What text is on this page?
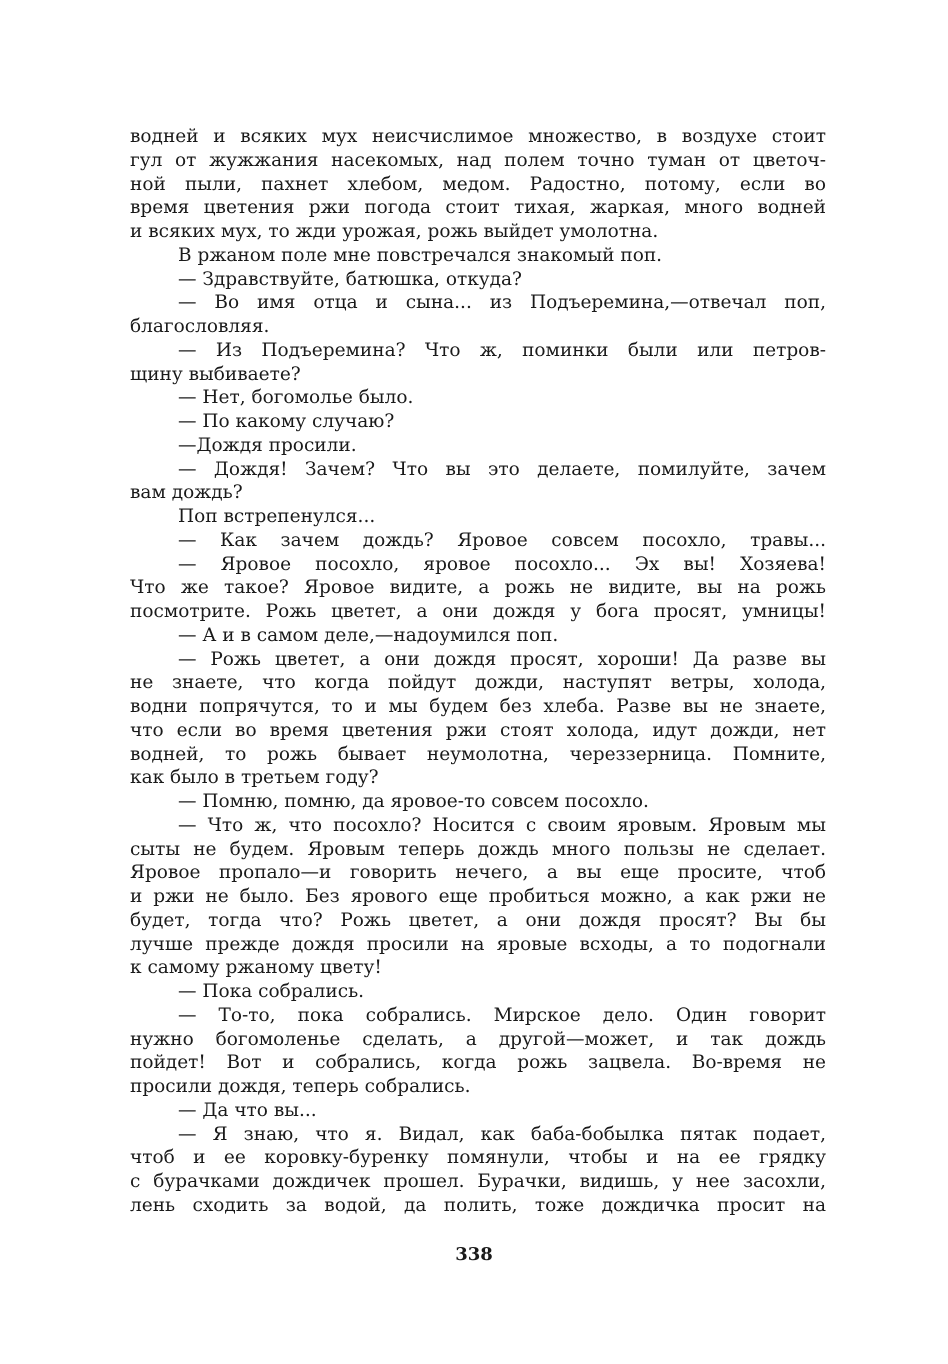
водней и всяких мух неисчислимое множество, в воздухе стоит
гул от жужжания насекомых, над полем точно туман от цветоч-
ной пыли, пахнет хлебом, медом. Радостно, потому, если во
время цветения ржи погода стоит тихая, жаркая, много водней
и всяких мух, то жди урожая, рожь выйдет умолотна.
В ржаном поле мне повстречался знакомый поп.
— Здравствуйте, батюшка, откуда?
— Во имя отца и сына... из Подъеремина,—отвечал поп,
благословляя.
— Из Подъеремина? Что ж, поминки были или петров-
щину выбиваете?
— Нет, богомолье было.
— По какому случаю?
—Дождя просили.
— Дождя! Зачем? Что вы это делаете, помилуйте, зачем
вам дождь?
Поп встрепенулся...
— Как зачем дождь? Яровое совсем посохло, травы...
— Яровое посохло, яровое посохло... Эх вы! Хозяева!
Что же такое? Яровое видите, а рожь не видите, вы на рожь
посмотрите. Рожь цветет, а они дождя у бога просят, умницы!
— А и в самом деле,—надоумился поп.
— Рожь цветет, а они дождя просят, хороши! Да разве вы
не знаете, что когда пойдут дожди, наступят ветры, холода,
водни попрячутся, то и мы будем без хлеба. Разве вы не знаете,
что если во время цветения ржи стоят холода, идут дожди, нет
водней, то рожь бывает неумолотна, череззерница. Помните,
как было в третьем году?
— Помню, помню, да яровое-то совсем посохло.
— Что ж, что посохло? Носится с своим яровым. Яровым мы
сыты не будем. Яровым теперь дождь много пользы не сделает.
Яровое пропало—и говорить нечего, а вы еще просите, чтоб
и ржи не было. Без ярового еще пробиться можно, а как ржи не
будет, тогда что? Рожь цветет, а они дождя просят? Вы бы
лучше прежде дождя просили на яровые всходы, а то подогнали
к самому ржаному цвету!
— Пока собрались.
— То-то, пока собрались. Мирское дело. Один говорит
нужно богомоленье сделать, а другой—может, и так дождь
пойдет! Вот и собрались, когда рожь зацвела. Во-время не
просили дождя, теперь собрались.
— Да что вы...
— Я знаю, что я. Видал, как баба-бобылка пятак подает,
чтоб и ее коровку-буренку помянули, чтобы и на ее грядку
с бурачками дождичек прошел. Бурачки, видишь, у нее засохли,
лень сходить за водой, да полить, тоже дождичка просит на
338
